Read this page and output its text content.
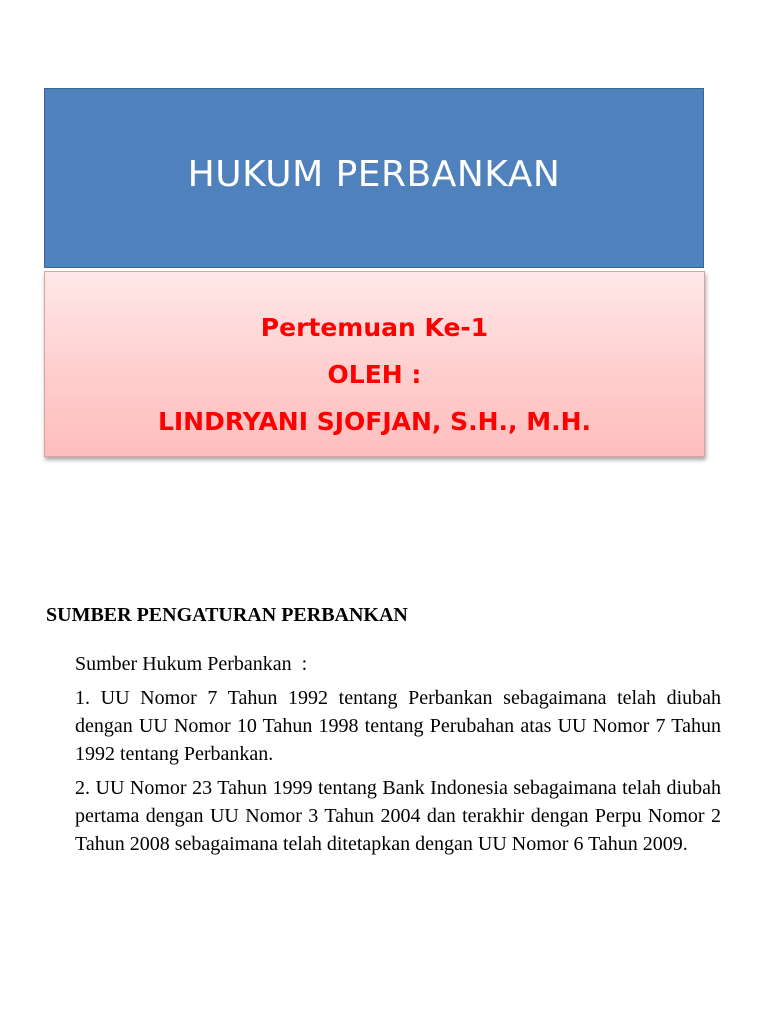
HUKUM PERBANKAN
Pertemuan Ke-1
OLEH :
LINDRYANI SJOFJAN, S.H., M.H.
SUMBER PENGATURAN PERBANKAN
Sumber Hukum Perbankan  :
1. UU Nomor 7 Tahun 1992 tentang Perbankan sebagaimana telah diubah dengan UU Nomor 10 Tahun 1998 tentang Perubahan atas UU Nomor 7 Tahun 1992 tentang Perbankan.
2. UU Nomor 23 Tahun 1999 tentang Bank Indonesia sebagaimana telah diubah pertama dengan UU Nomor 3 Tahun 2004 dan terakhir dengan Perpu Nomor 2 Tahun 2008 sebagaimana telah ditetapkan dengan UU Nomor 6 Tahun 2009.
